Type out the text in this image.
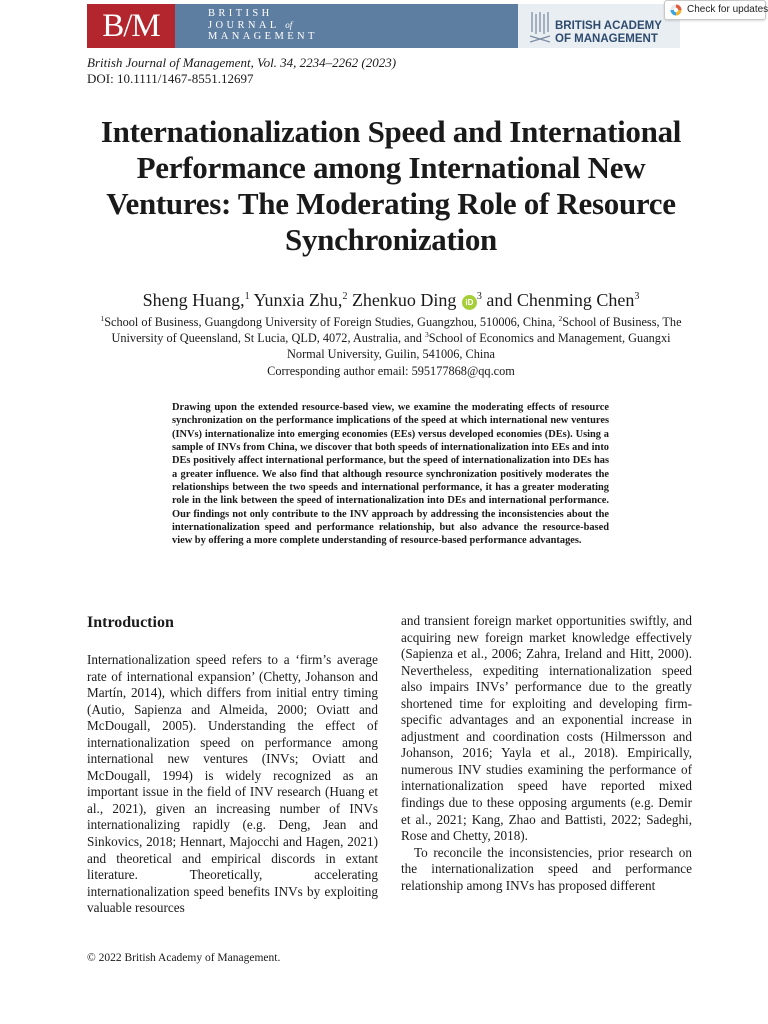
B/M	BRITISH
JOURNAL of
MANAGEMENT
BRITISH ACADEMY
OF MANAGEMENT
Check for updates
British Journal of Management, Vol. 34, 2234–2262 (2023)
DOI: 10.1111/1467-8551.12697
Internationalization Speed and International
Performance among International New
Ventures: The Moderating Role of Resource
Synchronization
Sheng Huang,$^1$ Yunxia Zhu,$^2$ Zhenkuo Ding $iD^3$ and Chenming Chen$^3$
$^1$School of Business, Guangdong University of Foreign Studies, Guangzhou, 510006, China, $^2$School of Business, The University of Queensland, St Lucia, QLD, 4072, Australia, and $^3$School of Economics and Management, Guangxi Normal University, Guilin, 541006, China
Corresponding author email: 595177868@qq.com
Drawing upon the extended resource-based view, we examine the moderating effects of resource synchronization on the performance implications of the speed at which international new ventures (INVs) internationalize into emerging economies (EEs) versus developed economies (DEs). Using a sample of INVs from China, we discover that both speeds of internationalization into EEs and into DEs positively affect international performance, but the speed of internationalization into DEs has a greater influence. We also find that although resource synchronization positively moderates the relationships between the two speeds and international performance, it has a greater moderating role in the link between the speed of internationalization into DEs and international performance. Our findings not only contribute to the INV approach by addressing the inconsistencies about the internationalization speed and performance relationship, but also advance the resource-based view by offering a more complete understanding of resource-based performance advantages.
Introduction

Internationalization speed refers to a ‘firm’s average rate of international expansion’ (Chetty, Johanson and Martín, 2014), which differs from initial entry timing (Autio, Sapienza and Almeida, 2000; Oviatt and McDougall, 2005). Understanding the effect of internationalization speed on performance among international new ventures (INVs; Oviatt and McDougall, 1994) is widely recognized as an important issue in the field of INV research (Huang et al., 2021), given an increasing number of INVs internationalizing rapidly (e.g. Deng, Jean and Sinkovics, 2018; Hennart, Majocchi and Hagen, 2021) and theoretical and empirical discords in extant literature. Theoretically, accelerating internationalization speed benefits INVs by exploiting valuable resources

and transient foreign market opportunities swiftly, and acquiring new foreign market knowledge effectively (Sapienza et al., 2006; Zahra, Ireland and Hitt, 2000). Nevertheless, expediting internationalization speed also impairs INVs’ performance due to the greatly shortened time for exploiting and developing firm-specific advantages and an exponential increase in adjustment and coordination costs (Hilmersson and Johanson, 2016; Yayla et al., 2018). Empirically, numerous INV studies examining the performance of internationalization speed have reported mixed findings due to these opposing arguments (e.g. Demir et al., 2021; Kang, Zhao and Battisti, 2022; Sadeghi, Rose and Chetty, 2018).

To reconcile the inconsistencies, prior research on the internationalization speed and performance relationship among INVs has proposed different

© 2022 British Academy of Management.
